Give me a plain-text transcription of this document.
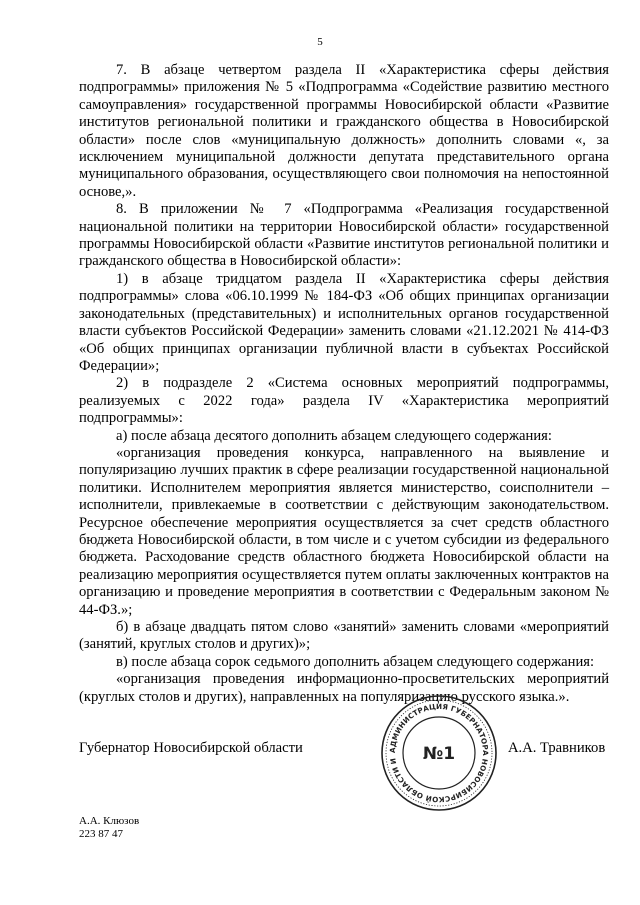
5

7. В абзаце четвертом раздела II «Характеристика сферы действия подпрограммы» приложения № 5 «Подпрограмма «Содействие развитию местного самоуправления» государственной программы Новосибирской области «Развитие институтов региональной политики и гражданского общества в Новосибирской области» после слов «муниципальную должность» дополнить словами «, за исключением муниципальной должности депутата представительного органа муниципального образования, осуществляющего свои полномочия на непостоянной основе,».

8. В приложении № 7 «Подпрограмма «Реализация государственной национальной политики на территории Новосибирской области» государственной программы Новосибирской области «Развитие институтов региональной политики и гражданского общества в Новосибирской области»:

1) в абзаце тридцатом раздела II «Характеристика сферы действия подпрограммы» слова «06.10.1999 № 184-ФЗ «Об общих принципах организации законодательных (представительных) и исполнительных органов государственной власти субъектов Российской Федерации» заменить словами «21.12.2021 № 414-ФЗ «Об общих принципах организации публичной власти в субъектах Российской Федерации»;

2) в подразделе 2 «Система основных мероприятий подпрограммы, реализуемых с 2022 года» раздела IV «Характеристика мероприятий подпрограммы»:

а) после абзаца десятого дополнить абзацем следующего содержания:

«организация проведения конкурса, направленного на выявление и популяризацию лучших практик в сфере реализации государственной национальной политики. Исполнителем мероприятия является министерство, соисполнители – исполнители, привлекаемые в соответствии с действующим законодательством. Ресурсное обеспечение мероприятия осуществляется за счет средств областного бюджета Новосибирской области, в том числе и с учетом субсидии из федерального бюджета. Расходование средств областного бюджета Новосибирской области на реализацию мероприятия осуществляется путем оплаты заключенных контрактов на организацию и проведение мероприятия в соответствии с Федеральным законом № 44-ФЗ.»;

б) в абзаце двадцать пятом слово «занятий» заменить словами «мероприятий (занятий, круглых столов и других)»;

в) после абзаца сорок седьмого дополнить абзацем следующего содержания:

«организация проведения информационно-просветительских мероприятий (круглых столов и других), направленных на популяризацию русского языка.».

Губернатор Новосибирской области	АДМИНИСТРАЦИЯ ГУБЕРНАТОРА НОВОСИБИРСКОЙ ОБЛАСТИ И	№1	А.А. Травников
А.А. Клюзов
223 87 47
